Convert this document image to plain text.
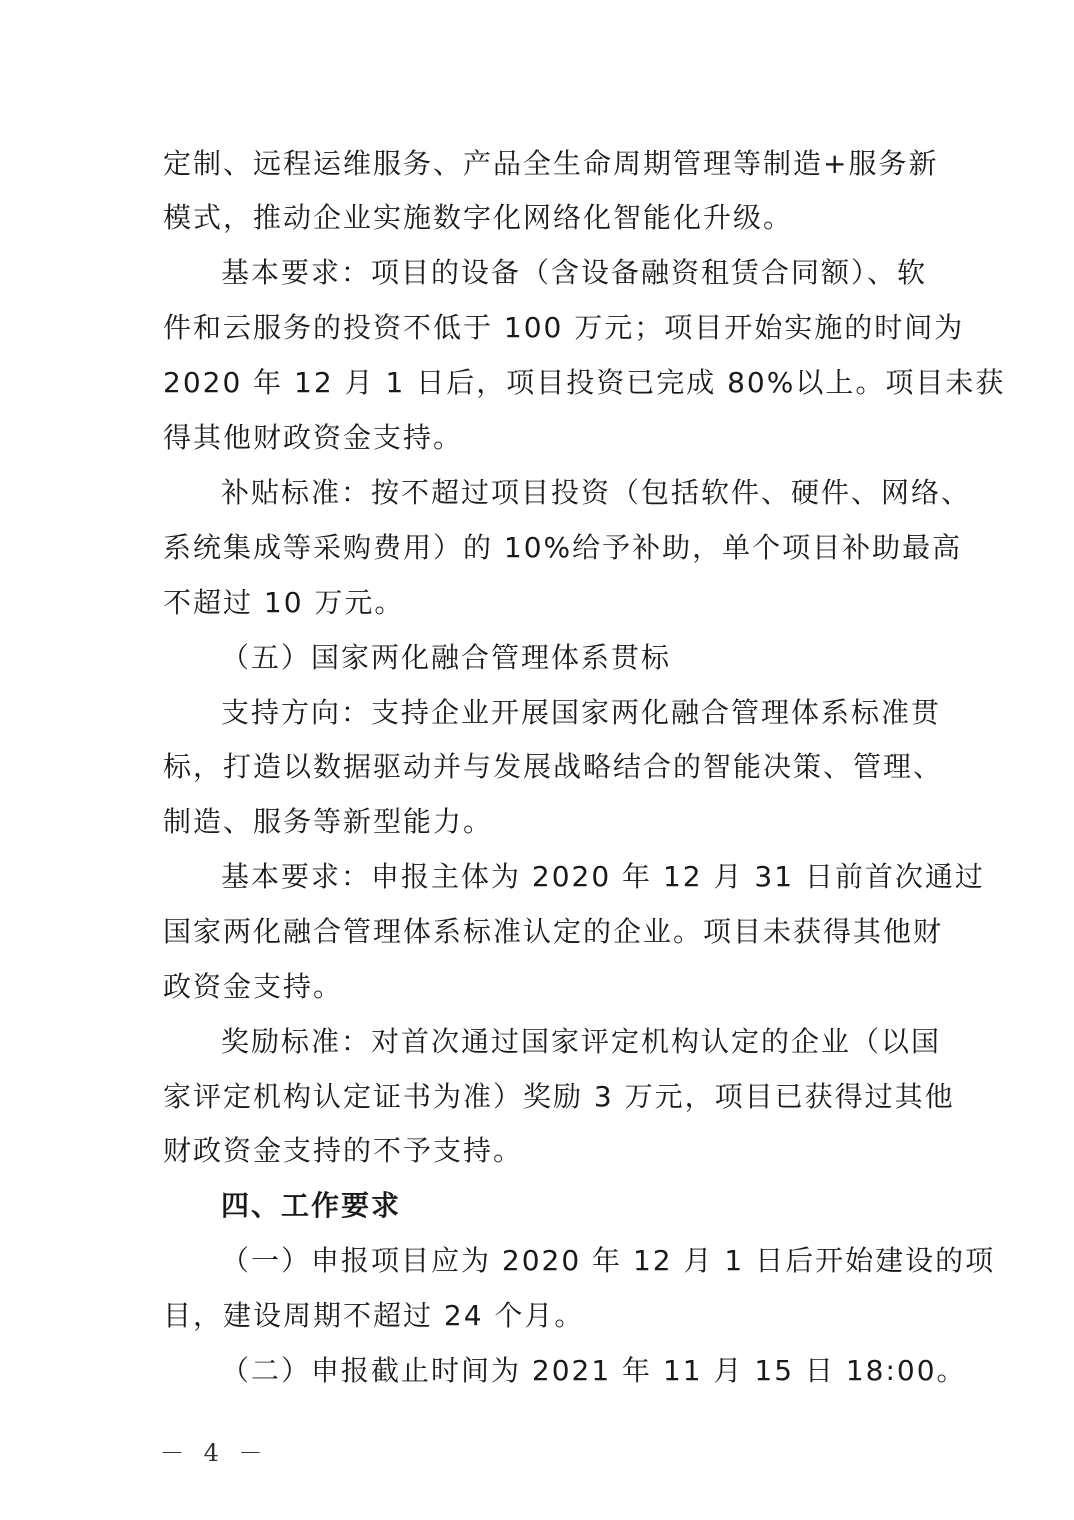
定制、远程运维服务、产品全生命周期管理等制造+服务新
模式，推动企业实施数字化网络化智能化升级。
基本要求：项目的设备（含设备融资租赁合同额）、软
件和云服务的投资不低于 100 万元；项目开始实施的时间为
2020 年 12 月 1 日后，项目投资已完成 80%以上。项目未获
得其他财政资金支持。
补贴标准：按不超过项目投资（包括软件、硬件、网络、
系统集成等采购费用）的 10%给予补助，单个项目补助最高
不超过 10 万元。
（五）国家两化融合管理体系贯标
支持方向：支持企业开展国家两化融合管理体系标准贯
标，打造以数据驱动并与发展战略结合的智能决策、管理、
制造、服务等新型能力。
基本要求：申报主体为 2020 年 12 月 31 日前首次通过
国家两化融合管理体系标准认定的企业。项目未获得其他财
政资金支持。
奖励标准：对首次通过国家评定机构认定的企业（以国
家评定机构认定证书为准）奖励 3 万元，项目已获得过其他
财政资金支持的不予支持。
四、工作要求
（一）申报项目应为 2020 年 12 月 1 日后开始建设的项
目，建设周期不超过 24 个月。
（二）申报截止时间为 2021 年 11 月 15 日 18:00。
－ 4 －
